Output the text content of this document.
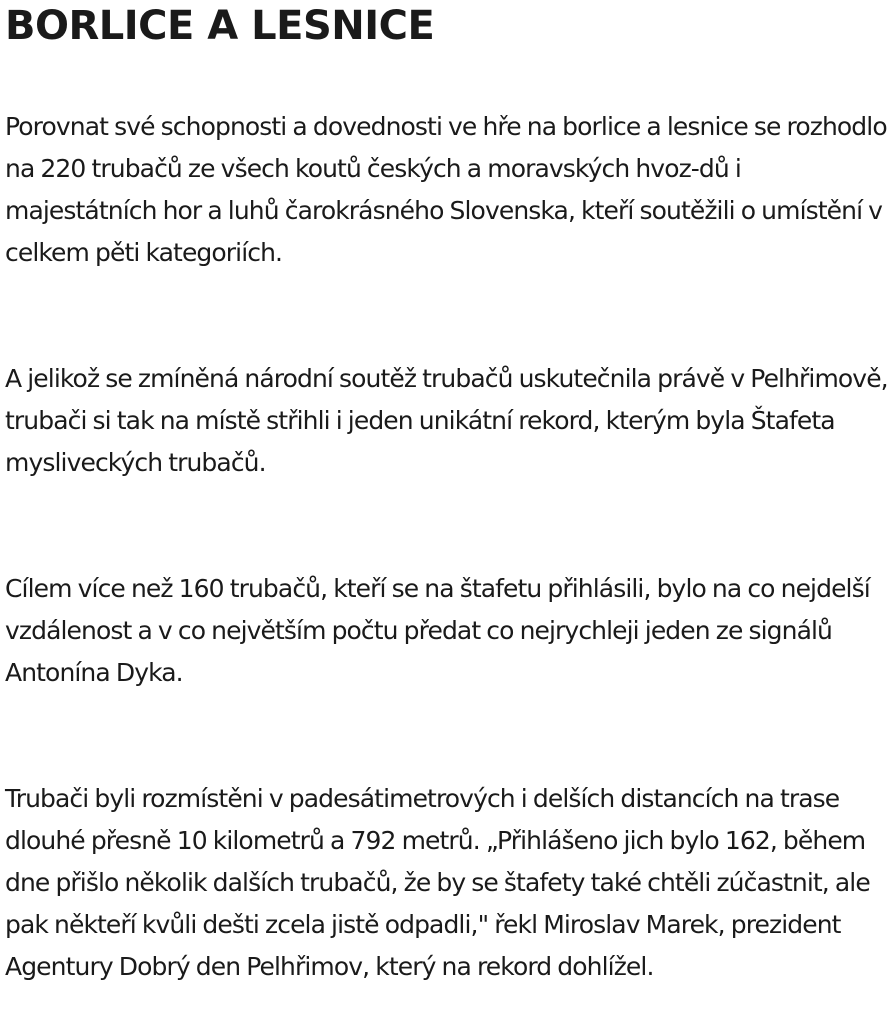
BORLICE A LESNICE

Porovnat své schopnosti a dovednosti ve hře na borlice a lesnice se rozhodlo na 220 trubačů ze všech koutů českých a moravských hvoz-dů i majestátních hor a luhů čarokrásného Slovenska, kteří soutěžili o umístění v celkem pěti kategoriích.

A jelikož se zmíněná národní soutěž trubačů uskutečnila právě v Pelhřimově, trubači si tak na místě střihli i jeden unikátní rekord, kterým byla Štafeta mysliveckých trubačů.

Cílem více než 160 trubačů, kteří se na štafetu přihlásili, bylo na co nejdelší vzdálenost a v co největším počtu předat co nejrychleji jeden ze signálů Antonína Dyka.

Trubači byli rozmístěni v padesátimetrových i delších distancích na trase dlouhé přesně 10 kilometrů a 792 metrů. „Přihlášeno jich bylo 162, během dne přišlo několik dalších trubačů, že by se štafety také chtěli zúčastnit, ale pak někteří kvůli dešti zcela jistě odpadli," řekl Miroslav Marek, prezident Agentury Dobrý den Pelhřimov, který na rekord dohlížel.
